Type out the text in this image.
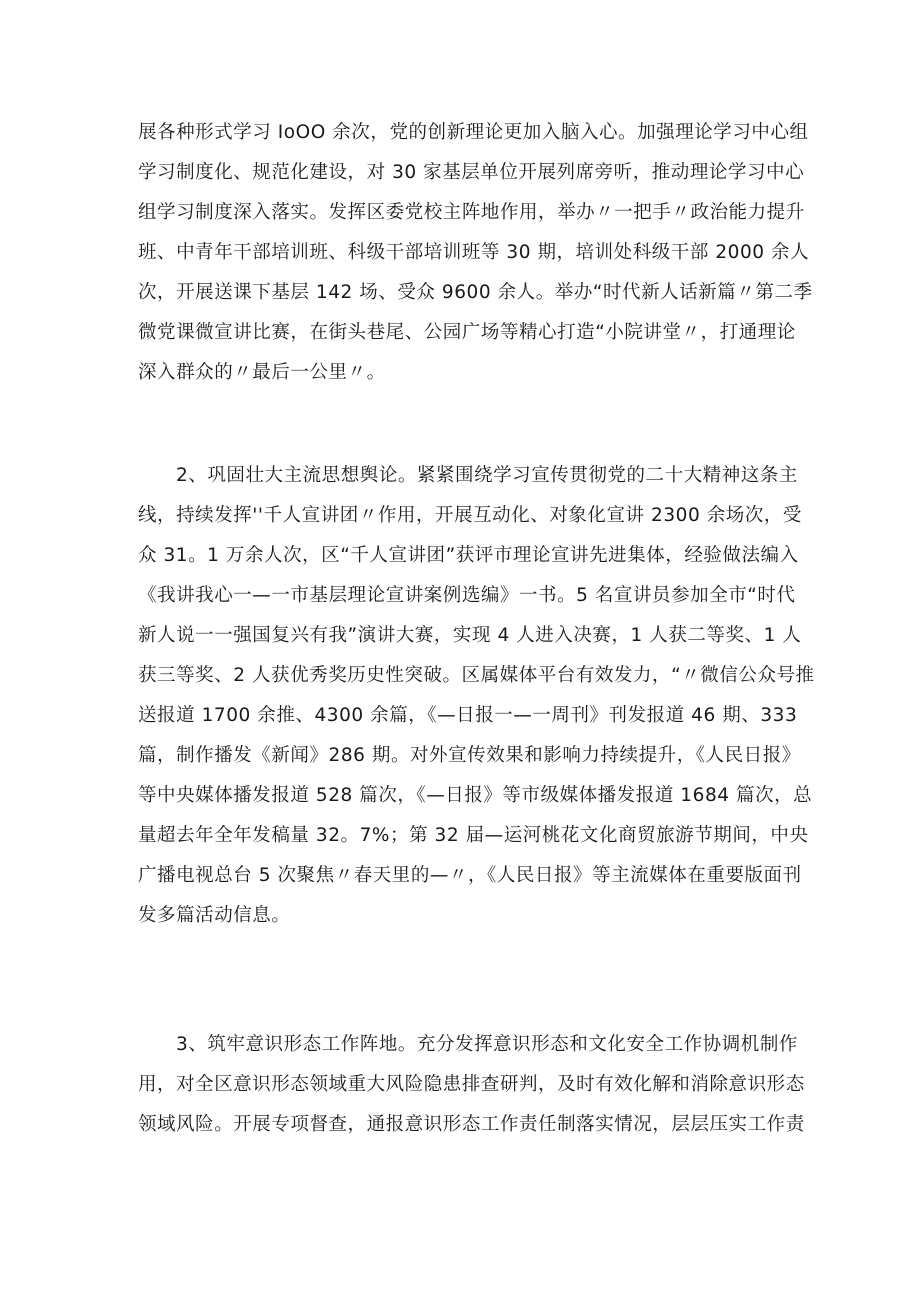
展各种形式学习 IoOO 余次，党的创新理论更加入脑入心。加强理论学习中心组
学习制度化、规范化建设，对 30 家基层单位开展列席旁听，推动理论学习中心
组学习制度深入落实。发挥区委党校主阵地作用，举办〃一把手〃政治能力提升
班、中青年干部培训班、科级干部培训班等 30 期，培训处科级干部 2000 余人
次，开展送课下基层 142 场、受众 9600 余人。举办“时代新人话新篇〃第二季
微党课微宣讲比赛，在街头巷尾、公园广场等精心打造“小院讲堂〃，打通理论
深入群众的〃最后一公里〃。
2、巩固壮大主流思想舆论。紧紧围绕学习宣传贯彻党的二十大精神这条主
线，持续发挥''千人宣讲团〃作用，开展互动化、对象化宣讲 2300 余场次，受
众 31。1 万余人次，区“千人宣讲团”获评市理论宣讲先进集体，经验做法编入
《我讲我心一—一市基层理论宣讲案例选编》一书。5 名宣讲员参加全市“时代
新人说一一强国复兴有我”演讲大赛，实现 4 人进入决赛，1 人获二等奖、1 人
获三等奖、2 人获优秀奖历史性突破。区属媒体平台有效发力，“〃微信公众号推
送报道 1700 余推、4300 余篇，《—日报一—一周刊》刊发报道 46 期、333
篇，制作播发《新闻》286 期。对外宣传效果和影响力持续提升，《人民日报》
等中央媒体播发报道 528 篇次，《—日报》等市级媒体播发报道 1684 篇次，总
量超去年全年发稿量 32。7%；第 32 届—运河桃花文化商贸旅游节期间，中央
广播电视总台 5 次聚焦〃春天里的—〃，《人民日报》等主流媒体在重要版面刊
发多篇活动信息。
3、筑牢意识形态工作阵地。充分发挥意识形态和文化安全工作协调机制作
用，对全区意识形态领域重大风险隐患排查研判，及时有效化解和消除意识形态
领域风险。开展专项督查，通报意识形态工作责任制落实情况，层层压实工作责
